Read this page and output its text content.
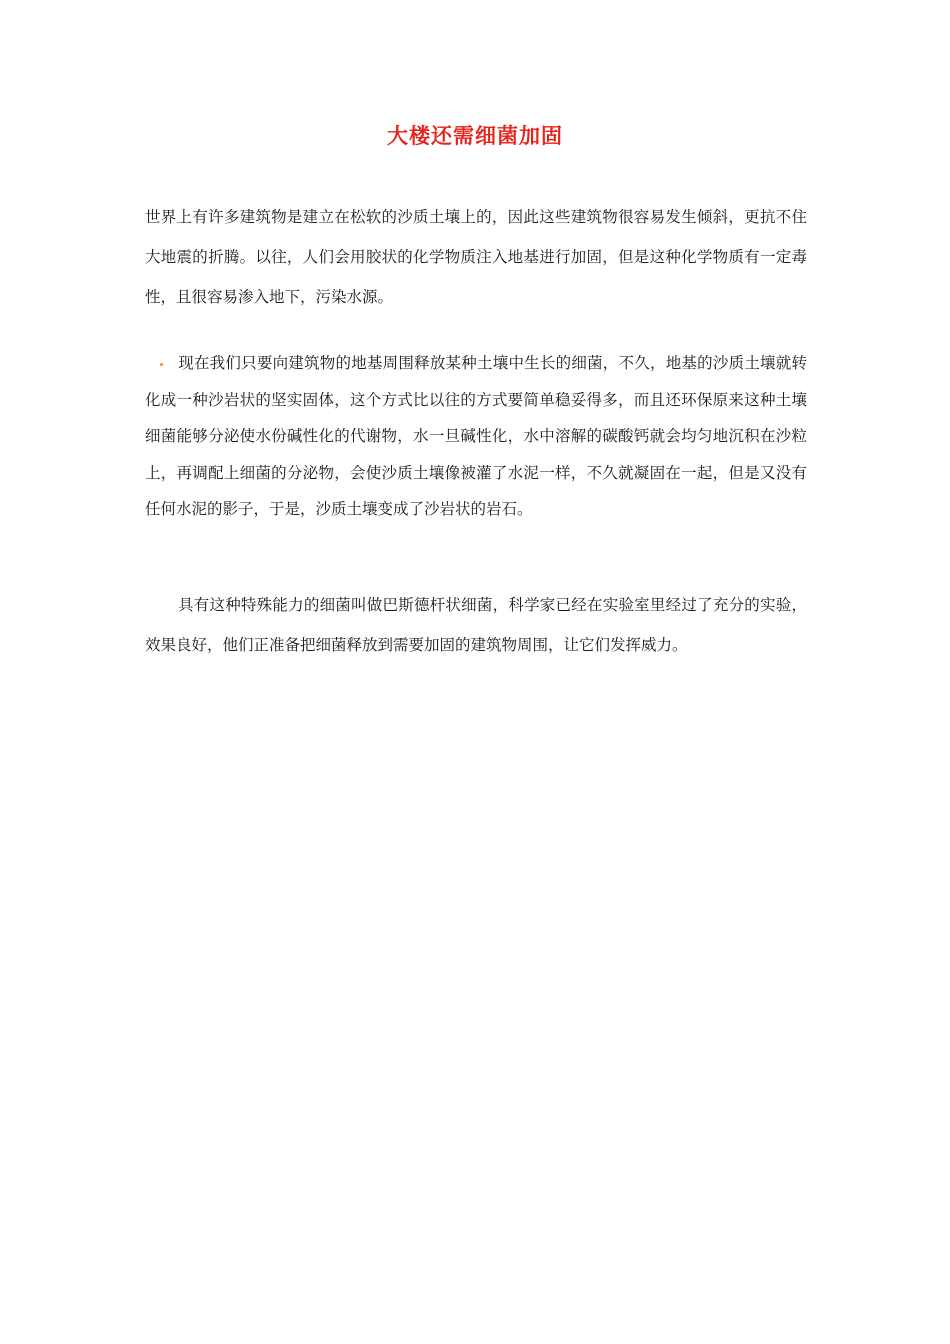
大楼还需细菌加固
世界上有许多建筑物是建立在松软的沙质土壤上的，因此这些建筑物很容易发生倾斜，更抗不住大地震的折腾。以往，人们会用胶状的化学物质注入地基进行加固，但是这种化学物质有一定毒性，且很容易渗入地下，污染水源。
现在我们只要向建筑物的地基周围释放某种土壤中生长的细菌，不久，地基的沙质土壤就转化成一种沙岩状的坚实固体，这个方式比以往的方式要简单稳妥得多，而且还环保原来这种土壤细菌能够分泌使水份碱性化的代谢物，水一旦碱性化，水中溶解的碳酸钙就会均匀地沉积在沙粒上，再调配上细菌的分泌物，会使沙质土壤像被灌了水泥一样，不久就凝固在一起，但是又没有任何水泥的影子，于是，沙质土壤变成了沙岩状的岩石。
具有这种特殊能力的细菌叫做巴斯德杆状细菌，科学家已经在实验室里经过了充分的实验，效果良好，他们正准备把细菌释放到需要加固的建筑物周围，让它们发挥威力。
